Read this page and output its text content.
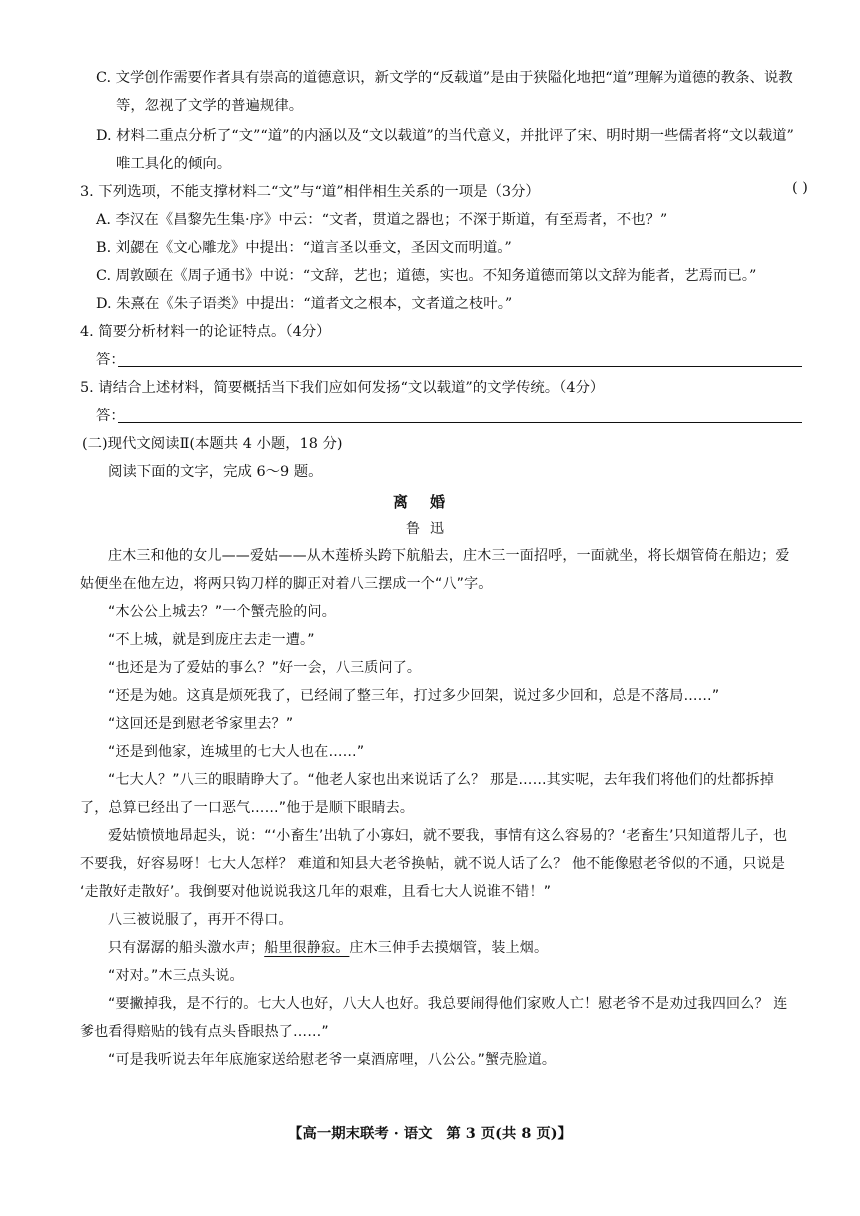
C. 文学创作需要作者具有崇高的道德意识，新文学的“反载道”是由于狭隘化地把“道”理解为道德的教条、说教
等，忽视了文学的普遍规律。
D. 材料二重点分析了“文”“道”的内涵以及“文以载道”的当代意义，并批评了宋、明时期一些儒者将“文以载道”
唯工具化的倾向。
3. 下列选项，不能支撑材料二“文”与“道”相伴相生关系的一项是（3分）	( )
A. 李汉在《昌黎先生集·序》中云：“文者，贯道之器也；不深于斯道，有至焉者，不也？”
B. 刘勰在《文心雕龙》中提出：“道言圣以垂文，圣因文而明道。”
C. 周敦颐在《周子通书》中说：“文辞，艺也；道德，实也。不知务道德而第以文辞为能者，艺焉而已。”
D. 朱熹在《朱子语类》中提出：“道者文之根本，文者道之枝叶。”
4. 简要分析材料一的论证特点。（4分）
答：
5. 请结合上述材料，简要概括当下我们应如何发扬“文以载道”的文学传统。（4分）
答：
(二)现代文阅读Ⅱ(本题共 4 小题，18 分)
阅读下面的文字，完成 6～9 题。
离婚
鲁迅
庄木三和他的女儿——爱姑——从木莲桥头跨下航船去，庄木三一面招呼，一面就坐，将长烟管倚在船边；爱
姑便坐在他左边，将两只钩刀样的脚正对着八三摆成一个“八”字。
“木公公上城去？”一个蟹壳脸的问。
“不上城，就是到庞庄去走一遭。”
“也还是为了爱姑的事么？”好一会，八三质问了。
“还是为她。这真是烦死我了，已经闹了整三年，打过多少回架，说过多少回和，总是不落局……”
“这回还是到慰老爷家里去？”
“还是到他家，连城里的七大人也在……”
“七大人？”八三的眼睛睁大了。“他老人家也出来说话了么？ 那是……其实呢，去年我们将他们的灶都拆掉
了，总算已经出了一口恶气……”他于是顺下眼睛去。
爱姑愤愤地昂起头，说：“‘小畜生’出轨了小寡妇，就不要我，事情有这么容易的？‘老畜生’只知道帮儿子，也
不要我，好容易呀！七大人怎样？ 难道和知县大老爷换帖，就不说人话了么？ 他不能像慰老爷似的不通，只说是
‘走散好走散好’。我倒要对他说说我这几年的艰难，且看七大人说谁不错！”
八三被说服了，再开不得口。
只有潺潺的船头激水声；船里很静寂。庄木三伸手去摸烟管，装上烟。
“对对。”木三点头说。
“要撇掉我，是不行的。七大人也好，八大人也好。我总要闹得他们家败人亡！慰老爷不是劝过我四回么？ 连
爹也看得赔贴的钱有点头昏眼热了……”
“可是我听说去年年底施家送给慰老爷一桌酒席哩，八公公。”蟹壳脸道。
【高一期末联考 · 语文 第 3 页(共 8 页)】
